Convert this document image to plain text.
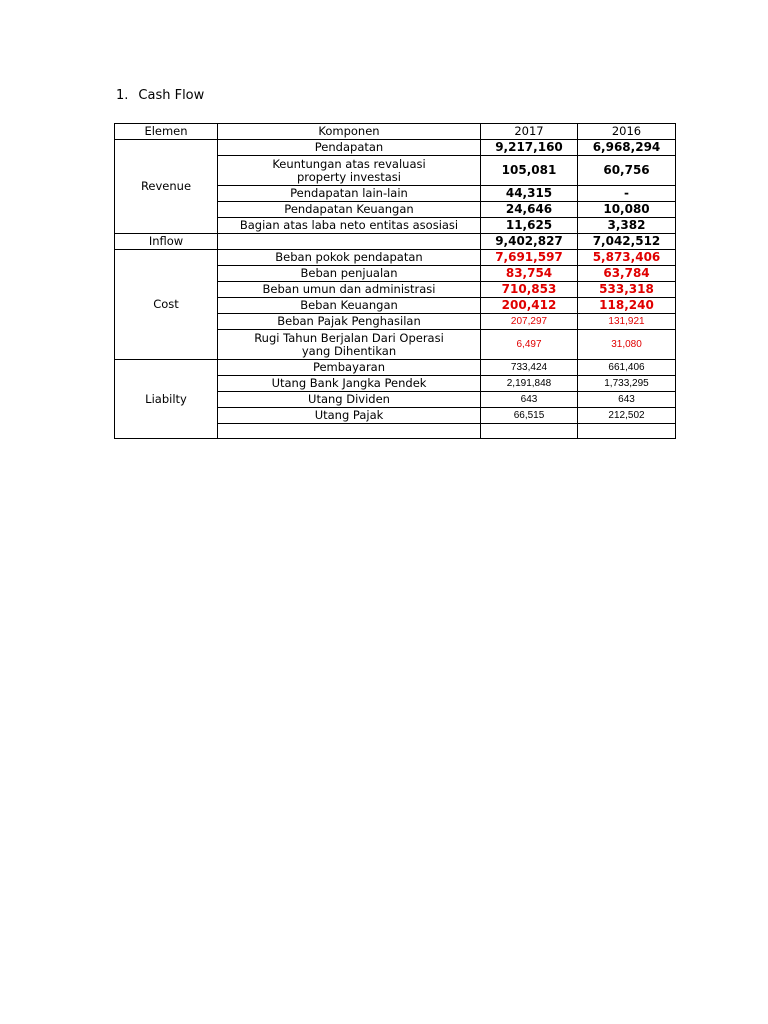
1. Cash Flow
Elemen	Komponen	2017	2016
Revenue	Pendapatan	9,217,160	6,968,294
	Keuntungan atas revaluasi property investasi	105,081	60,756
	Pendapatan lain-lain	44,315	-
	Pendapatan Keuangan	24,646	10,080
	Bagian atas laba neto entitas asosiasi	11,625	3,382
Inflow		9,402,827	7,042,512
Cost	Beban pokok pendapatan	7,691,597	5,873,406
	Beban penjualan	83,754	63,784
	Beban umun dan administrasi	710,853	533,318
	Beban Keuangan	200,412	118,240
	Beban Pajak Penghasilan	207,297	131,921
	Rugi Tahun Berjalan Dari Operasi yang Dihentikan	6,497	31,080
Liabilty	Pembayaran	733,424	661,406
	Utang Bank Jangka Pendek	2,191,848	1,733,295
	Utang Dividen	643	643
	Utang Pajak	66,515	212,502
